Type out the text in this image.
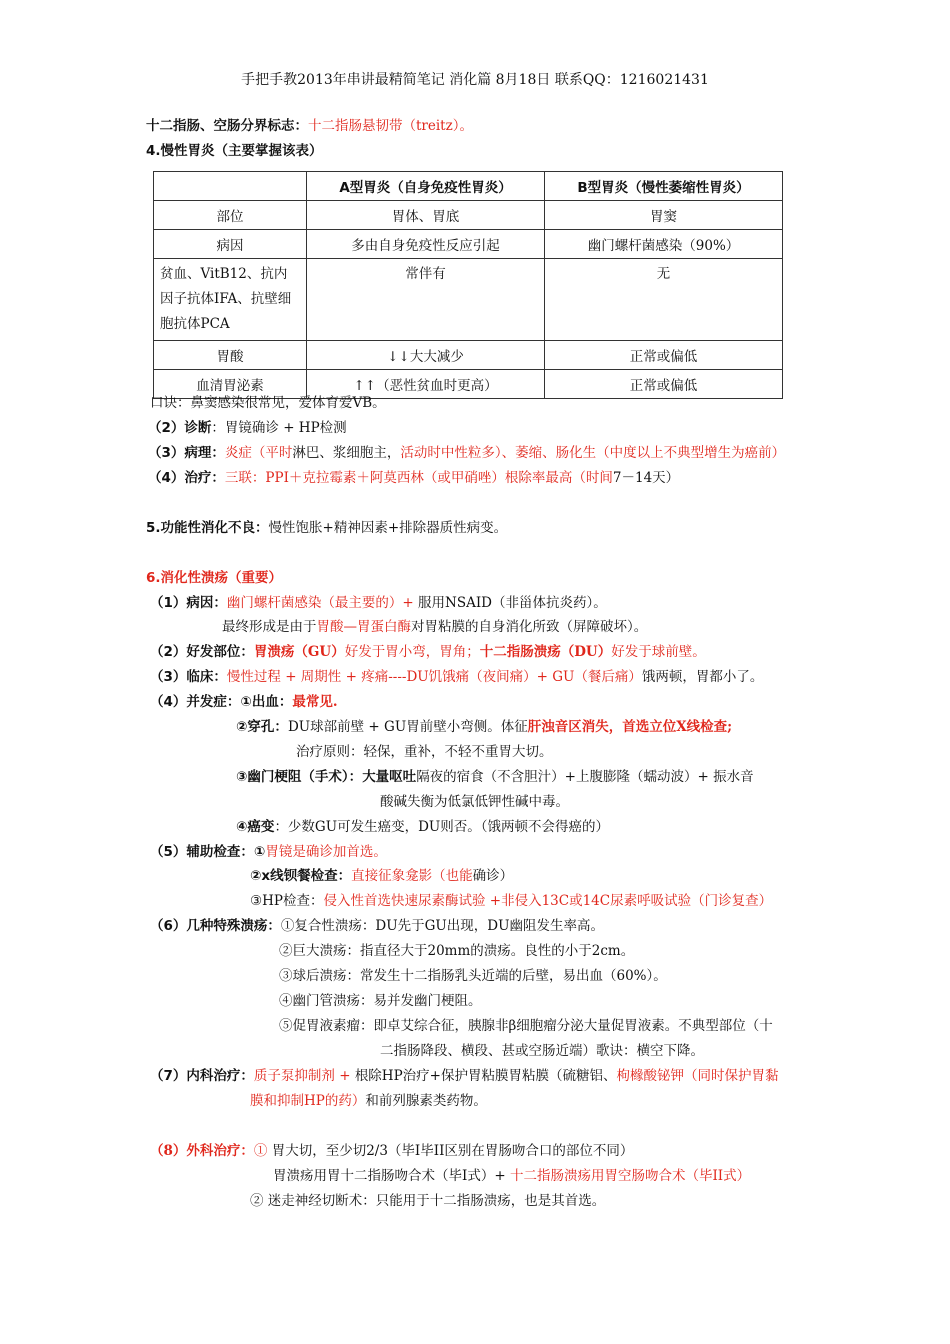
手把手教2013年串讲最精简笔记 消化篇 8月18日 联系QQ：1216021431
十二指肠、空肠分界标志：十二指肠悬韧带（treitz）。
4.慢性胃炎（主要掌握该表）
	A型胃炎（自身免疫性胃炎）	B型胃炎（慢性萎缩性胃炎）
部位	胃体、胃底	胃窦
病因	多由自身免疫性反应引起	幽门螺杆菌感染（90%）
贫血、VitB12、抗内因子抗体IFA、抗壁细胞抗体PCA	常伴有	无
胃酸	↓↓大大减少	正常或偏低
血清胃泌素	↑↑（恶性贫血时更高）	正常或偏低
口诀：鼻窦感染很常见，爱体育爱VB。
（2）诊断：胃镜确诊 + HP检测
（3）病理：炎症（平时淋巴、浆细胞主，活动时中性粒多）、萎缩、肠化生（中度以上不典型增生为癌前）
（4）治疗：三联：PPI＋克拉霉素＋阿莫西林（或甲硝唑）根除率最高（时间7－14天）
5.功能性消化不良：慢性饱胀+精神因素+排除器质性病变。
6.消化性溃疡（重要）
（1）病因：幽门螺杆菌感染（最主要的）+ 服用NSAID（非甾体抗炎药）。
最终形成是由于胃酸—胃蛋白酶对胃粘膜的自身消化所致（屏障破坏）。
（2）好发部位：胃溃疡（GU）好发于胃小弯，胃角；十二指肠溃疡（DU）好发于球前壁。
（3）临床：慢性过程 + 周期性 + 疼痛----DU饥饿痛（夜间痛）+ GU（餐后痛）饿两顿，胃都小了。
（4）并发症：①出血：最常见.
②穿孔：DU球部前壁 + GU胃前壁小弯侧。体征肝浊音区消失，首选立位X线检查;
治疗原则：轻保，重补，不轻不重胃大切。
③幽门梗阻（手术）：大量呕吐隔夜的宿食（不含胆汁）+上腹膨隆（蠕动波）+ 振水音
酸碱失衡为低氯低钾性碱中毒。
④癌变：少数GU可发生癌变，DU则否。（饿两顿不会得癌的）
（5）辅助检查：①胃镜是确诊加首选。
②x线钡餐检查：直接征象龛影（也能确诊）
③HP检查：侵入性首选快速尿素酶试验 +非侵入13C或14C尿素呼吸试验（门诊复查）
（6）几种特殊溃疡：①复合性溃疡：DU先于GU出现，DU幽阻发生率高。
②巨大溃疡：指直径大于20mm的溃疡。良性的小于2cm。
③球后溃疡：常发生十二指肠乳头近端的后壁，易出血（60%）。
④幽门管溃疡：易并发幽门梗阻。
⑤促胃液素瘤：即卓艾综合征，胰腺非β细胞瘤分泌大量促胃液素。不典型部位（十
二指肠降段、横段、甚或空肠近端）歌诀：横空下降。
（7）内科治疗：质子泵抑制剂 + 根除HP治疗+保护胃粘膜胃粘膜（硫糖铝、枸橼酸铋钾（同时保护胃黏
膜和抑制HP的药）和前列腺素类药物。
（8）外科治疗：① 胃大切，至少切2/3（毕I毕II区别在胃肠吻合口的部位不同）
胃溃疡用胃十二指肠吻合术（毕I式）+ 十二指肠溃疡用胃空肠吻合术（毕II式）
② 迷走神经切断术：只能用于十二指肠溃疡，也是其首选。
